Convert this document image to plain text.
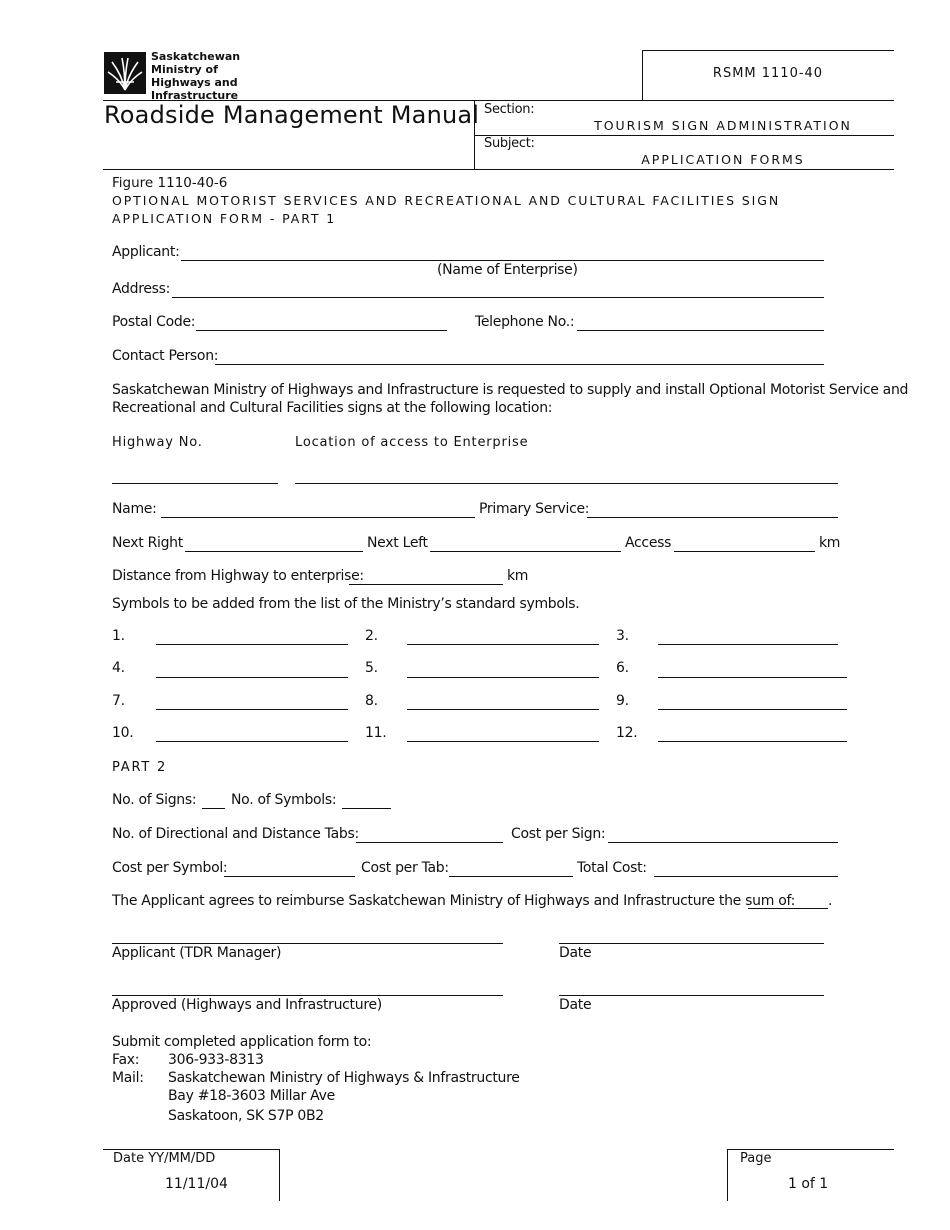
Saskatchewan
Ministry of
Highways and
Infrastructure
RSMM 1110-40
Roadside Management Manual Section:
TOURISM SIGN ADMINISTRATION
Subject:
APPLICATION FORMS
Figure 1110-40-6
OPTIONAL MOTORIST SERVICES AND RECREATIONAL AND CULTURAL FACILITIES SIGN
APPLICATION FORM - PART 1
Applicant:
(Name of Enterprise)
Address:
Postal Code:	Telephone No.:
Contact Person:
Saskatchewan Ministry of Highways and Infrastructure is requested to supply and install Optional Motorist Service and
Recreational and Cultural Facilities signs at the following location:
Highway No.	Location of access to Enterprise
Name:	Primary Service:
Next Right	Next Left	Access	km
Distance from Highway to enterprise:	km
Symbols to be added from the list of the Ministry’s standard symbols.
1.	2.	3.
4.	5.	6.
7.	8.	9.
10.	11.	12.
PART 2
No. of Signs: No. of Symbols:
No. of Directional and Distance Tabs:	Cost per Sign:
Cost per Symbol:	Cost per Tab:	Total Cost:
The Applicant agrees to reimburse Saskatchewan Ministry of Highways and Infrastructure the sum of: .
Applicant (TDR Manager)	Date
Approved (Highways and Infrastructure)	Date
Submit completed application form to:
Fax: 306-933-8313
Mail: Saskatchewan Ministry of Highways & Infrastructure
Bay #18-3603 Millar Ave
Saskatoon, SK S7P 0B2
Date YY/MM/DD
11/11/04
Page
1 of 1
